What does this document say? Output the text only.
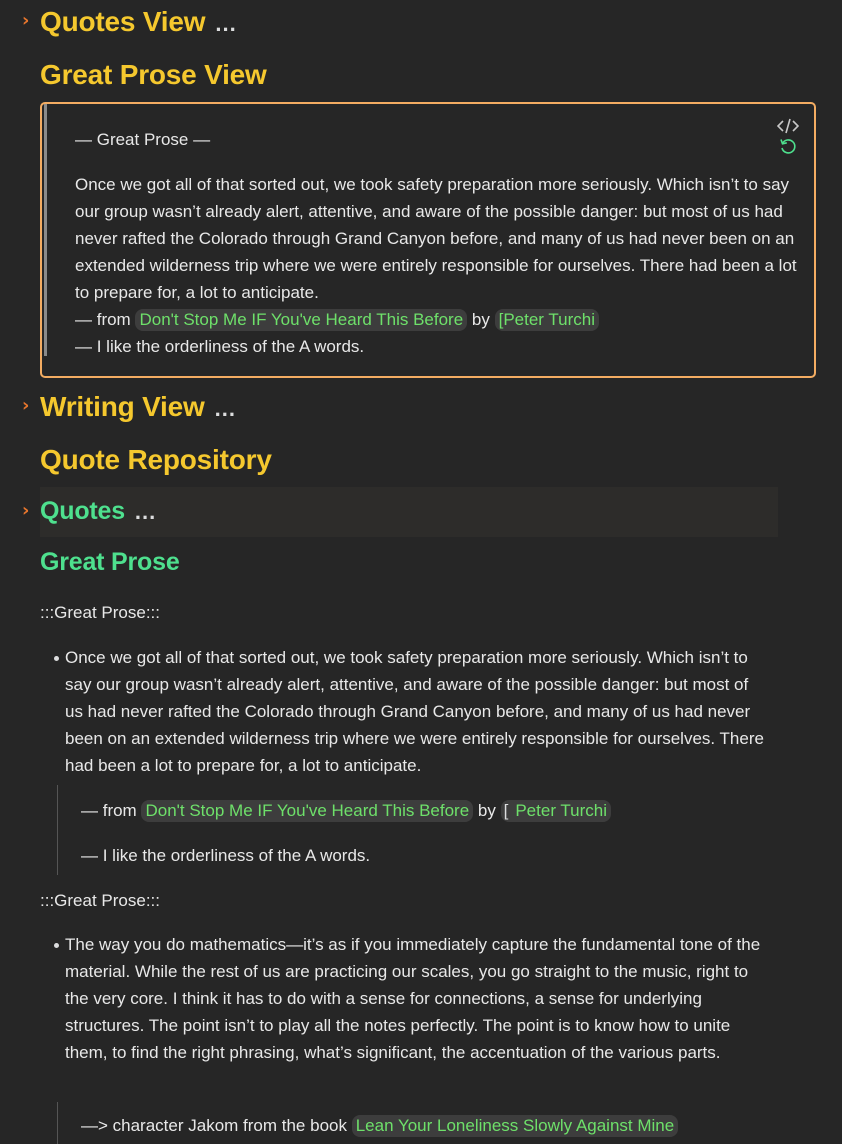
› Quotes View ...
Great Prose View
— Great Prose —
Once we got all of that sorted out, we took safety preparation more seriously. Which isn’t to say our group wasn’t already alert, attentive, and aware of the possible danger: but most of us had never rafted the Colorado through Grand Canyon before, and many of us had never been on an extended wilderness trip where we were entirely responsible for ourselves. There had been a lot to prepare for, a lot to anticipate.
— from Don't Stop Me IF You've Heard This Before by [Peter Turchi
— I like the orderliness of the A words.
› Writing View ...
Quote Repository
› Quotes ...
Great Prose
:::Great Prose:::
Once we got all of that sorted out, we took safety preparation more seriously. Which isn’t to say our group wasn’t already alert, attentive, and aware of the possible danger: but most of us had never rafted the Colorado through Grand Canyon before, and many of us had never been on an extended wilderness trip where we were entirely responsible for ourselves. There had been a lot to prepare for, a lot to anticipate.
— from Don't Stop Me IF You've Heard This Before by [ Peter Turchi
— I like the orderliness of the A words.
:::Great Prose:::
The way you do mathematics—it’s as if you immediately capture the fundamental tone of the material. While the rest of us are practicing our scales, you go straight to the music, right to the very core. I think it has to do with a sense for connections, a sense for underlying structures. The point isn’t to play all the notes perfectly. The point is to know how to unite them, to find the right phrasing, what’s significant, the accentuation of the various parts.
—> character Jakom from the book Lean Your Loneliness Slowly Against Mine
